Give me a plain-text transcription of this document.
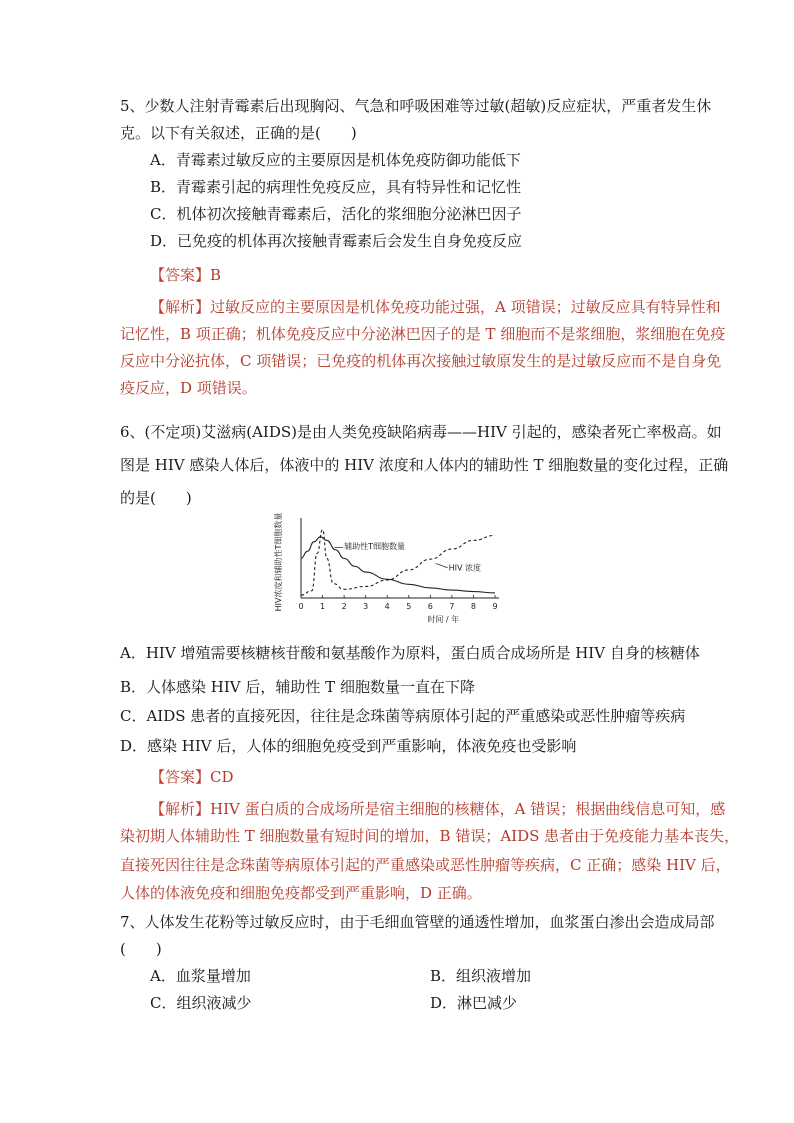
5、少数人注射青霉素后出现胸闷、气急和呼吸困难等过敏(超敏)反应症状，严重者发生休
克。以下有关叙述，正确的是(　　)
A．青霉素过敏反应的主要原因是机体免疫防御功能低下
B．青霉素引起的病理性免疫反应，具有特异性和记忆性
C．机体初次接触青霉素后，活化的浆细胞分泌淋巴因子
D．已免疫的机体再次接触青霉素后会发生自身免疫反应
【答案】B
【解析】过敏反应的主要原因是机体免疫功能过强，A 项错误；过敏反应具有特异性和
记忆性，B 项正确；机体免疫反应中分泌淋巴因子的是 T 细胞而不是浆细胞，浆细胞在免疫
反应中分泌抗体，C 项错误；已免疫的机体再次接触过敏原发生的是过敏反应而不是自身免
疫反应，D 项错误。
6、(不定项)艾滋病(AIDS)是由人类免疫缺陷病毒——HIV 引起的，感染者死亡率极高。如
图是 HIV 感染人体后，体液中的 HIV 浓度和人体内的辅助性 T 细胞数量的变化过程，正确
的是(　　)
0 1 2 3 4 5 6 7 8 9
时间 / 年
HIV浓度和辅助性T细胞数量	辅助性T细胞数量
HIV 浓度
A．HIV 增殖需要核糖核苷酸和氨基酸作为原料，蛋白质合成场所是 HIV 自身的核糖体
B．人体感染 HIV 后，辅助性 T 细胞数量一直在下降
C．AIDS 患者的直接死因，往往是念珠菌等病原体引起的严重感染或恶性肿瘤等疾病
D．感染 HIV 后，人体的细胞免疫受到严重影响，体液免疫也受影响
【答案】CD
【解析】HIV 蛋白质的合成场所是宿主细胞的核糖体，A 错误；根据曲线信息可知，感
染初期人体辅助性 T 细胞数量有短时间的增加，B 错误；AIDS 患者由于免疫能力基本丧失，
直接死因往往是念珠菌等病原体引起的严重感染或恶性肿瘤等疾病，C 正确；感染 HIV 后，
人体的体液免疫和细胞免疫都受到严重影响，D 正确。
7、人体发生花粉等过敏反应时，由于毛细血管壁的通透性增加，血浆蛋白渗出会造成局部
(　　)
A．血浆量增加	B．组织液增加
C．组织液减少	D．淋巴减少
